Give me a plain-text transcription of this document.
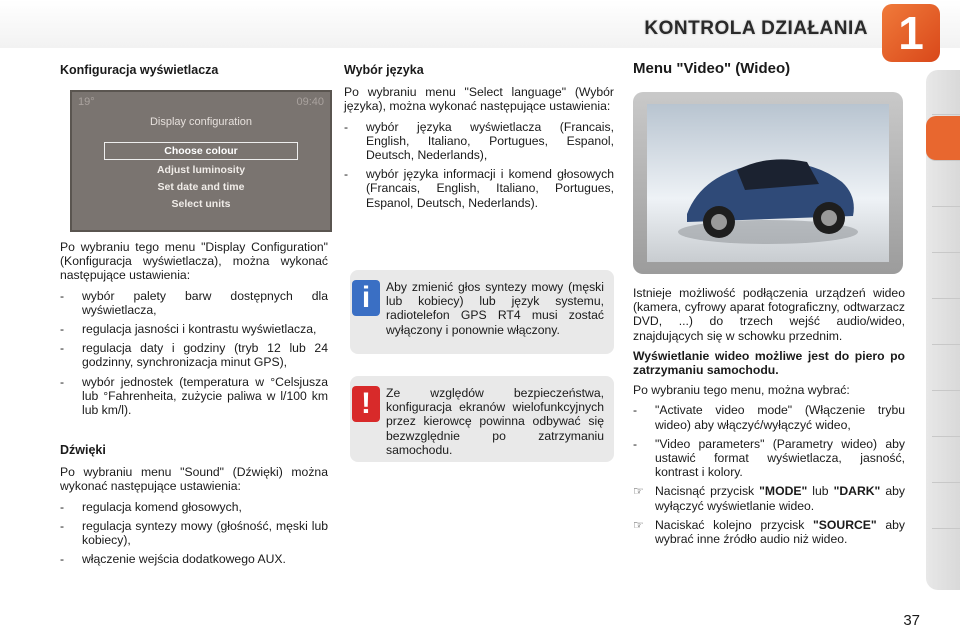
KONTROLA DZIAŁANIA 1
Konfiguracja wyświetlacza
19°	09:40
Display configuration
Choose colour
Adjust luminosity
Set date and time
Select units

Po wybraniu tego menu "Display Configuration" (Konfiguracja wyświetlacza), można wykonać następujące ustawienia:

- wybór palety barw dostępnych dla wyświetlacza,
- regulacja jasności i kontrastu wyświetlacza,
- regulacja daty i godziny (tryb 12 lub 24 godzinny, synchronizacja minut GPS),
- wybór jednostek (temperatura w °Celsjusza lub °Fahrenheita, zużycie paliwa w l/100 km lub km/l).
Dźwięki

Po wybraniu menu "Sound" (Dźwięki) można wykonać następujące ustawienia:

- regulacja komend głosowych,
- regulacja syntezy mowy (głośność, męski lub kobiecy),
- włączenie wejścia dodatkowego AUX.
Wybór języka

Po wybraniu menu "Select language" (Wybór języka), można wykonać następujące ustawienia:

- wybór języka wyświetlacza (Francais, English, Italiano, Portugues, Espanol, Deutsch, Nederlands),
- wybór języka informacji i komend głosowych (Francais, English, Italiano, Portugues, Espanol, Deutsch, Nederlands).
i	Aby zmienić głos syntezy mowy (męski lub kobiecy) lub język systemu, radiotelefon GPS RT4 musi zostać wyłączony i ponownie włączony.
!	Ze względów bezpieczeństwa, konfiguracja ekranów wielofunkcyjnych przez kierowcę powinna odbywać się bezwzględnie po zatrzymaniu samochodu.
Menu "Video" (Wideo)

Istnieje możliwość podłączenia urządzeń wideo (kamera, cyfrowy aparat fotograficzny, odtwarzacz DVD, ...) do trzech wejść audio/wideo, znajdujących się w schowku przednim.

Wyświetlanie wideo możliwe jest do piero po zatrzymaniu samochodu.

Po wybraniu tego menu, można wybrać:

- "Activate video mode" (Włączenie trybu wideo) aby włączyć/wyłączyć wideo,
- "Video parameters" (Parametry wideo) aby ustawić format wyświetlacza, jasność, kontrast i kolory.
☞ Nacisnąć przycisk "MODE" lub "DARK" aby wyłączyć wyświetlanie wideo.
☞ Naciskać kolejno przycisk "SOURCE" aby wybrać inne źródło audio niż wideo.
37
